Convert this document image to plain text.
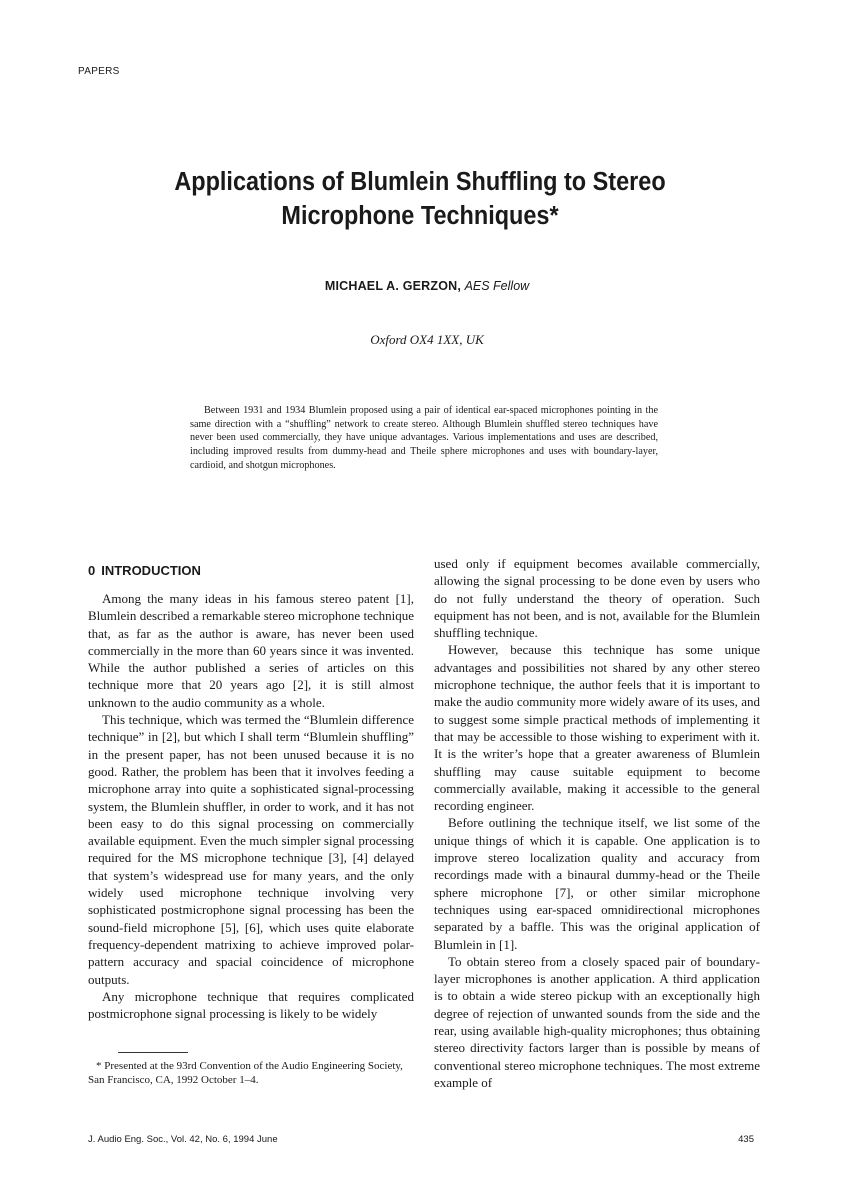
PAPERS
Applications of Blumlein Shuffling to Stereo
Microphone Techniques*
MICHAEL A. GERZON, AES Fellow
Oxford OX4 1XX, UK
Between 1931 and 1934 Blumlein proposed using a pair of identical ear-spaced microphones pointing in the same direction with a “shuffling” network to create stereo. Although Blumlein shuffled stereo techniques have never been used commercially, they have unique advantages. Various implementations and uses are described, including improved results from dummy-head and Theile sphere microphones and uses with boundary-layer, cardioid, and shotgun microphones.
0 INTRODUCTION

Among the many ideas in his famous stereo patent [1], Blumlein described a remarkable stereo microphone technique that, as far as the author is aware, has never been used commercially in the more than 60 years since it was invented. While the author published a series of articles on this technique more that 20 years ago [2], it is still almost unknown to the audio community as a whole.

This technique, which was termed the “Blumlein difference technique” in [2], but which I shall term “Blumlein shuffling” in the present paper, has not been unused because it is no good. Rather, the problem has been that it involves feeding a microphone array into quite a sophisticated signal-processing system, the Blumlein shuffler, in order to work, and it has not been easy to do this signal processing on commercially available equipment. Even the much simpler signal processing required for the MS microphone technique [3], [4] delayed that system’s widespread use for many years, and the only widely used microphone technique involving very sophisticated postmicrophone signal processing has been the sound-field microphone [5], [6], which uses quite elaborate frequency-dependent matrixing to achieve improved polar-pattern accuracy and spacial coincidence of microphone outputs.

Any microphone technique that requires complicated postmicrophone signal processing is likely to be widely

used only if equipment becomes available commercially, allowing the signal processing to be done even by users who do not fully understand the theory of operation. Such equipment has not been, and is not, available for the Blumlein shuffling technique.

However, because this technique has some unique advantages and possibilities not shared by any other stereo microphone technique, the author feels that it is important to make the audio community more widely aware of its uses, and to suggest some simple practical methods of implementing it that may be accessible to those wishing to experiment with it. It is the writer’s hope that a greater awareness of Blumlein shuffling may cause suitable equipment to become commercially available, making it accessible to the general recording engineer.

Before outlining the technique itself, we list some of the unique things of which it is capable. One application is to improve stereo localization quality and accuracy from recordings made with a binaural dummy-head or the Theile sphere microphone [7], or other similar microphone techniques using ear-spaced omnidirectional microphones separated by a baffle. This was the original application of Blumlein in [1].

To obtain stereo from a closely spaced pair of boundary-layer microphones is another application. A third application is to obtain a wide stereo pickup with an exceptionally high degree of rejection of unwanted sounds from the side and the rear, using available high-quality microphones; thus obtaining stereo directivity factors larger than is possible by means of conventional stereo microphone techniques. The most extreme example of

* Presented at the 93rd Convention of the Audio Engineering Society, San Francisco, CA, 1992 October 1–4.
J. Audio Eng. Soc., Vol. 42, No. 6, 1994 June	435
